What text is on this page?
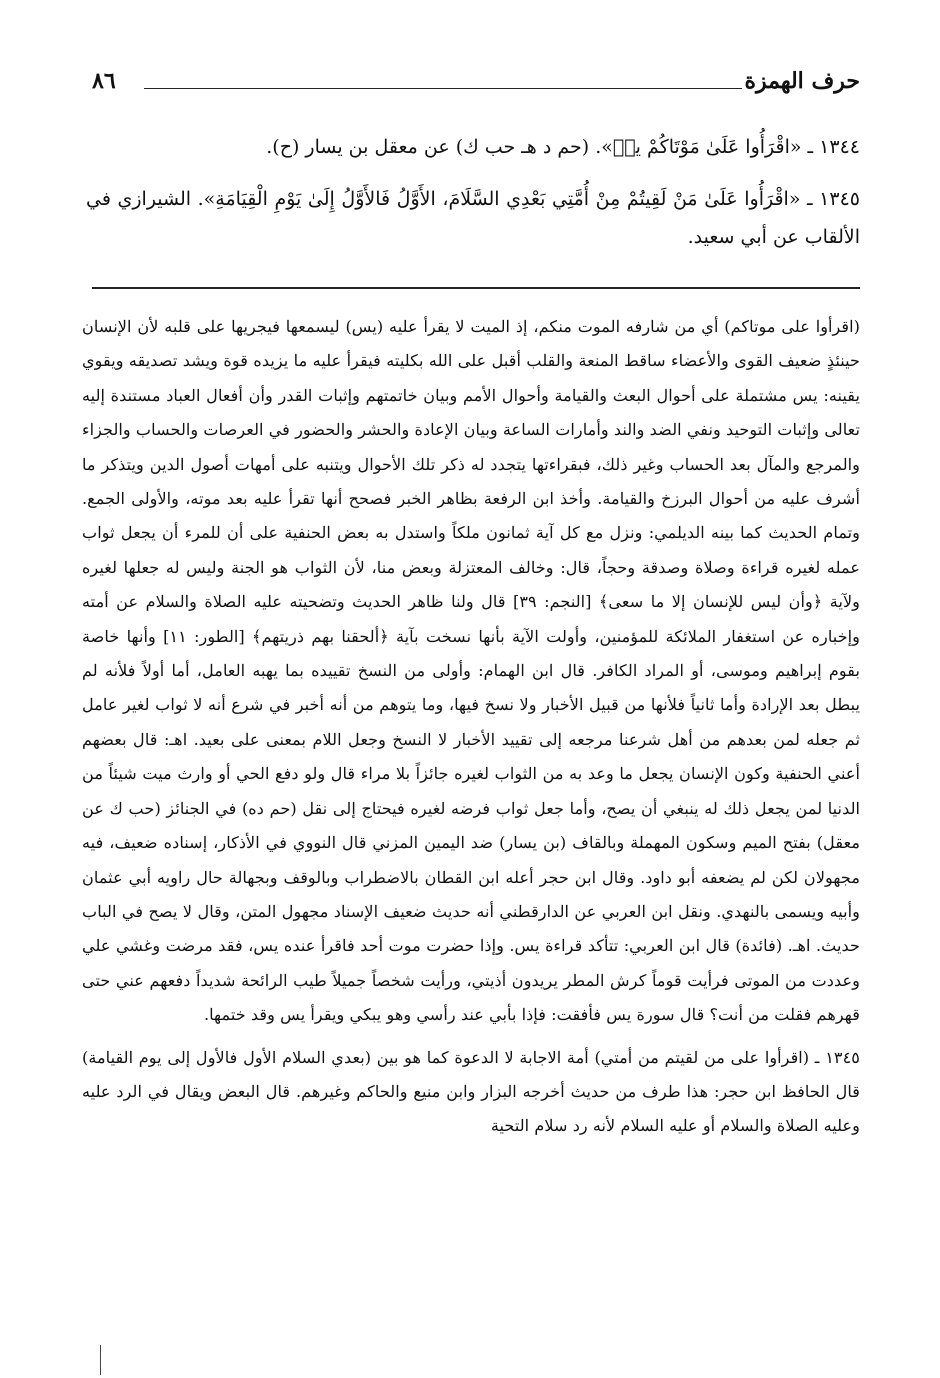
حرف الهمزة
٨٦
١٣٤٤ ـ «اقْرَأُوا عَلَىٰ مَوْتَاكُمْ يسۤ». (حم د هـ حب ك) عن معقل بن يسار (ح).
١٣٤٥ ـ «اقْرَأُوا عَلَىٰ مَنْ لَقِيتُمْ مِنْ أُمَّتِي بَعْدِي السَّلَامَ، الأَوَّلُ فَالأَوَّلُ إِلَىٰ يَوْمِ الْقِيَامَةِ». الشيرازي في الألقاب عن أبي سعيد.

(اقرأوا على موتاكم) أي من شارفه الموت منكم، إذ الميت لا يقرأ عليه (يس) ليسمعها فيجريها على قلبه لأن الإنسان حينئذٍ ضعيف القوى والأعضاء ساقط المنعة والقلب أقبل على الله بكليته فيقرأ عليه ما يزيده قوة ويشد تصديقه ويقوي يقينه: يس مشتملة على أحوال البعث والقيامة وأحوال الأمم وبيان خاتمتهم وإثبات القدر وأن أفعال العباد مستندة إليه تعالى وإثبات التوحيد ونفي الضد والند وأمارات الساعة وبيان الإعادة والحشر والحضور في العرصات والحساب والجزاء والمرجع والمآل بعد الحساب وغير ذلك، فبقراءتها يتجدد له ذكر تلك الأحوال ويتنبه على أمهات أصول الدين ويتذكر ما أشرف عليه من أحوال البرزخ والقيامة. وأخذ ابن الرفعة بظاهر الخبر فصحح أنها تقرأ عليه بعد موته، والأولى الجمع. وتمام الحديث كما بينه الديلمي: ونزل مع كل آية ثمانون ملكاً واستدل به بعض الحنفية على أن للمرء أن يجعل ثواب عمله لغيره قراءة وصلاة وصدقة وحجاً، قال: وخالف المعتزلة وبعض منا، لأن الثواب هو الجنة وليس له جعلها لغيره ولآية ﴿وأن ليس للإنسان إلا ما سعى﴾ [النجم: ٣٩] قال ولنا ظاهر الحديث وتضحيته عليه الصلاة والسلام عن أمته وإخباره عن استغفار الملائكة للمؤمنين، وأولت الآية بأنها نسخت بآية ﴿ألحقنا بهم ذريتهم﴾ [الطور: ١١] وأنها خاصة بقوم إبراهيم وموسى، أو المراد الكافر. قال ابن الهمام: وأولى من النسخ تقييده بما يهبه العامل، أما أولاً فلأنه لم يبطل بعد الإرادة وأما ثانياً فلأنها من قبيل الأخبار ولا نسخ فيها، وما يتوهم من أنه أخبر في شرع أنه لا ثواب لغير عامل ثم جعله لمن بعدهم من أهل شرعنا مرجعه إلى تقييد الأخبار لا النسخ وجعل اللام بمعنى على بعيد. اهـ: قال بعضهم أعني الحنفية وكون الإنسان يجعل ما وعد به من الثواب لغيره جائزاً بلا مراء قال ولو دفع الحي أو وارث ميت شيئاً من الدنيا لمن يجعل ذلك له ينبغي أن يصح، وأما جعل ثواب فرضه لغيره فيحتاج إلى نقل (حم ده) في الجنائز (حب ك عن معقل) بفتح الميم وسكون المهملة وبالقاف (بن يسار) ضد اليمين المزني قال النووي في الأذكار، إسناده ضعيف، فيه مجهولان لكن لم يضعفه أبو داود. وقال ابن حجر أعله ابن القطان بالاضطراب وبالوقف وبجهالة حال راويه أبي عثمان وأبيه ويسمى بالنهدي. ونقل ابن العربي عن الدارقطني أنه حديث ضعيف الإسناد مجهول المتن، وقال لا يصح في الباب حديث. اهـ. (فائدة) قال ابن العربي: تتأكد قراءة يس. وإذا حضرت موت أحد فاقرأ عنده يس، فقد مرضت وغشي علي وعددت من الموتى فرأيت قوماً كرش المطر يريدون أذيتي، ورأيت شخصاً جميلاً طيب الرائحة شديداً دفعهم عني حتى قهرهم فقلت من أنت؟ قال سورة يس فأفقت: فإذا بأبي عند رأسي وهو يبكي ويقرأ يس وقد ختمها.

١٣٤٥ ـ (اقرأوا على من لقيتم من أمتي) أمة الاجابة لا الدعوة كما هو بين (بعدي السلام الأول فالأول إلى يوم القيامة) قال الحافظ ابن حجر: هذا طرف من حديث أخرجه البزار وابن منيع والحاكم وغيرهم. قال البعض ويقال في الرد عليه وعليه الصلاة والسلام أو عليه السلام لأنه رد سلام التحية
